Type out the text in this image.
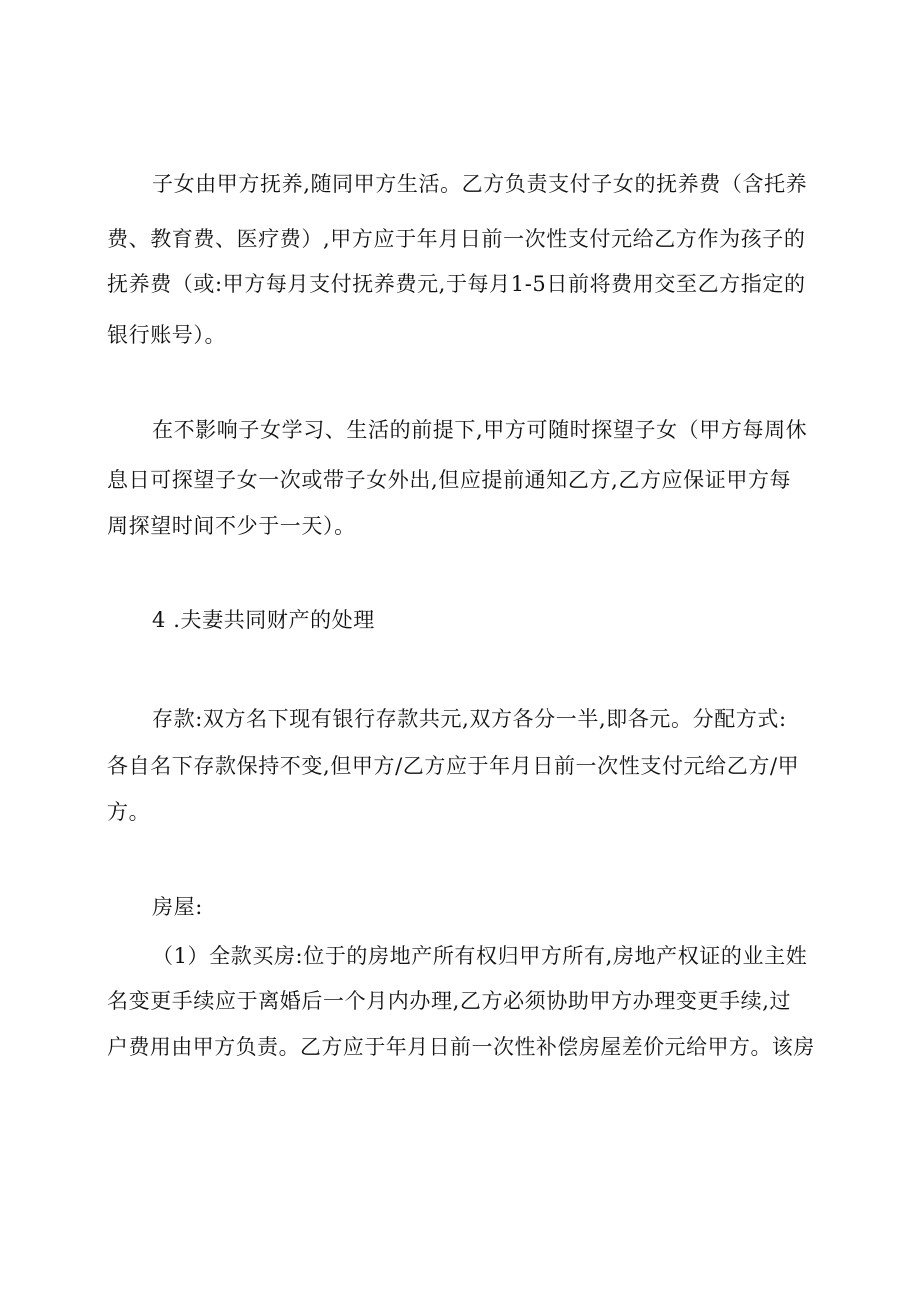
子女由甲方抚养,随同甲方生活。乙方负责支付子女的抚养费（含托养
费、教育费、医疗费）,甲方应于年月日前一次性支付元给乙方作为孩子的
抚养费（或:甲方每月支付抚养费元,于每月1-5日前将费用交至乙方指定的
银行账号）。
在不影响子女学习、生活的前提下,甲方可随时探望子女（甲方每周休
息日可探望子女一次或带子女外出,但应提前通知乙方,乙方应保证甲方每
周探望时间不少于一天）。
4 .夫妻共同财产的处理
存款:双方名下现有银行存款共元,双方各分一半,即各元。分配方式:
各自名下存款保持不变,但甲方/乙方应于年月日前一次性支付元给乙方/甲
方。
房屋:
（1）全款买房:位于的房地产所有权归甲方所有,房地产权证的业主姓
名变更手续应于离婚后一个月内办理,乙方必须协助甲方办理变更手续,过
户费用由甲方负责。乙方应于年月日前一次性补偿房屋差价元给甲方。该房
